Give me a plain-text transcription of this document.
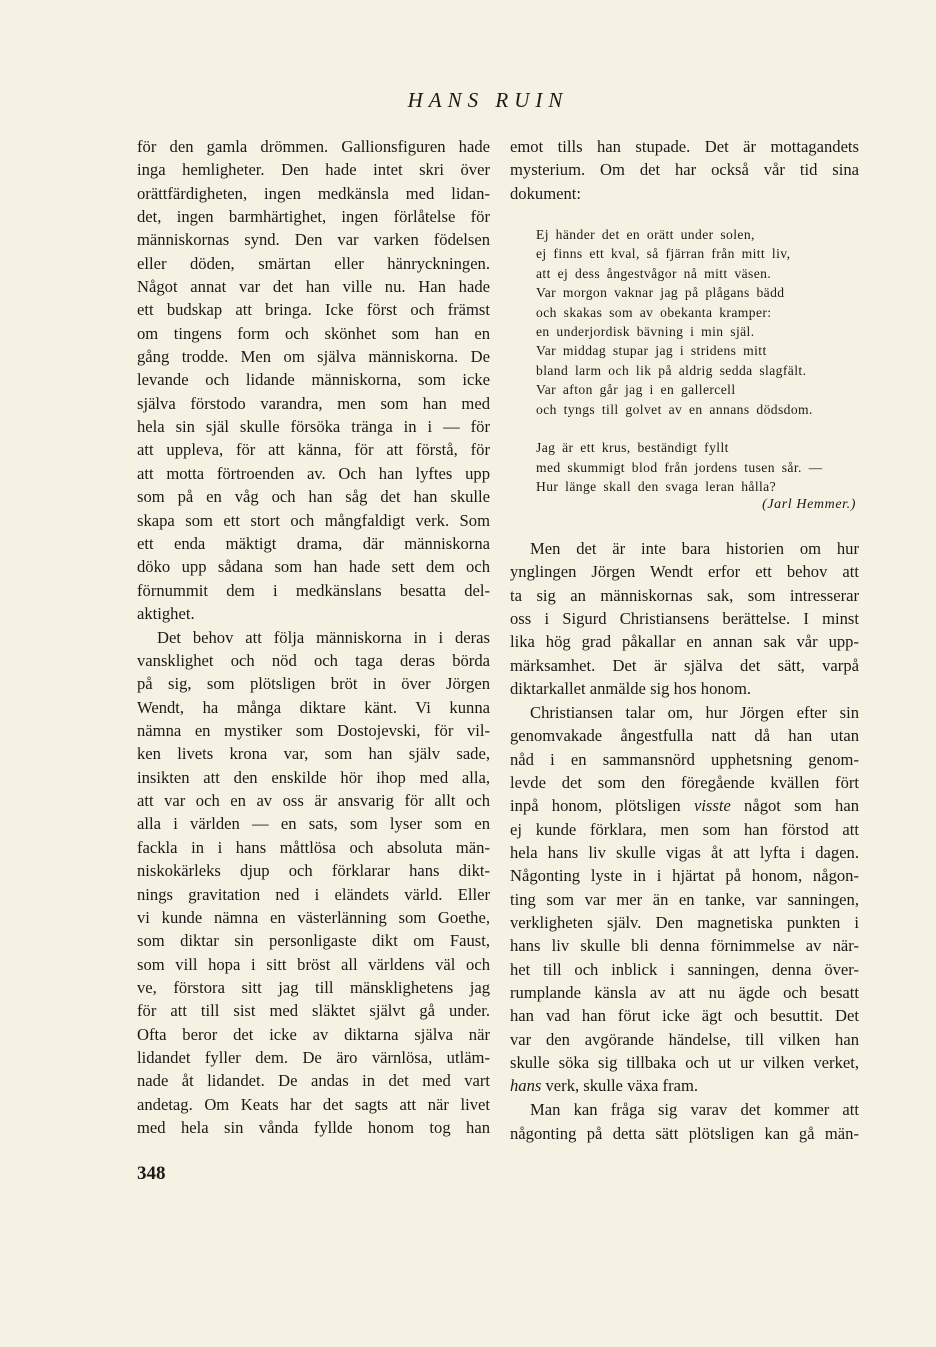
HANS RUIN
för den gamla drömmen. Gallionsfiguren hade
inga hemligheter. Den hade intet skri över
orättfärdigheten, ingen medkänsla med lidan-
det, ingen barmhärtighet, ingen förlåtelse för
människornas synd. Den var varken födelsen
eller döden, smärtan eller hänryckningen.
Något annat var det han ville nu. Han hade
ett budskap att bringa. Icke först och främst
om tingens form och skönhet som han en
gång trodde. Men om själva människorna. De
levande och lidande människorna, som icke
själva förstodo varandra, men som han med
hela sin själ skulle försöka tränga in i — för
att uppleva, för att känna, för att förstå, för
att motta förtroenden av. Och han lyftes upp
som på en våg och han såg det han skulle
skapa som ett stort och mångfaldigt verk. Som
ett enda mäktigt drama, där människorna
döko upp sådana som han hade sett dem och
förnummit dem i medkänslans besatta del-
aktighet.
Det behov att följa människorna in i deras
vansklighet och nöd och taga deras börda
på sig, som plötsligen bröt in över Jörgen
Wendt, ha många diktare känt. Vi kunna
nämna en mystiker som Dostojevski, för vil-
ken livets krona var, som han själv sade,
insikten att den enskilde hör ihop med alla,
att var och en av oss är ansvarig för allt och
alla i världen — en sats, som lyser som en
fackla in i hans måttlösa och absoluta män-
niskokärleks djup och förklarar hans dikt-
nings gravitation ned i eländets värld. Eller
vi kunde nämna en västerlänning som Goethe,
som diktar sin personligaste dikt om Faust,
som vill hopa i sitt bröst all världens väl och
ve, förstora sitt jag till mänsklighetens jag
för att till sist med släktet självt gå under.
Ofta beror det icke av diktarna själva när
lidandet fyller dem. De äro värnlösa, utläm-
nade åt lidandet. De andas in det med vart
andetag. Om Keats har det sagts att när livet
med hela sin vånda fyllde honom tog han
emot tills han stupade. Det är mottagandets
mysterium. Om det har också vår tid sina
dokument:
Ej händer det en orätt under solen,
ej finns ett kval, så fjärran från mitt liv,
att ej dess ångestvågor nå mitt väsen.
Var morgon vaknar jag på plågans bädd
och skakas som av obekanta kramper:
en underjordisk bävning i min själ.
Var middag stupar jag i stridens mitt
bland larm och lik på aldrig sedda slagfält.
Var afton går jag i en gallercell
och tyngs till golvet av en annans dödsdom.
Jag är ett krus, beständigt fyllt
med skummigt blod från jordens tusen sår. —
Hur länge skall den svaga leran hålla?
(Jarl Hemmer.)
Men det är inte bara historien om hur
ynglingen Jörgen Wendt erfor ett behov att
ta sig an människornas sak, som intresserar
oss i Sigurd Christiansens berättelse. I minst
lika hög grad påkallar en annan sak vår upp-
märksamhet. Det är själva det sätt, varpå
diktarkallet anmälde sig hos honom.
Christiansen talar om, hur Jörgen efter sin
genomvakade ångestfulla natt då han utan
nåd i en sammansnörd upphetsning genom-
levde det som den föregående kvällen fört
inpå honom, plötsligen visste något som han
ej kunde förklara, men som han förstod att
hela hans liv skulle vigas åt att lyfta i dagen.
Någonting lyste in i hjärtat på honom, någon-
ting som var mer än en tanke, var sanningen,
verkligheten själv. Den magnetiska punkten i
hans liv skulle bli denna förnimmelse av när-
het till och inblick i sanningen, denna över-
rumplande känsla av att nu ägde och besatt
han vad han förut icke ägt och besuttit. Det
var den avgörande händelse, till vilken han
skulle söka sig tillbaka och ut ur vilken verket,
hans verk, skulle växa fram.
Man kan fråga sig varav det kommer att
någonting på detta sätt plötsligen kan gå män-
348
